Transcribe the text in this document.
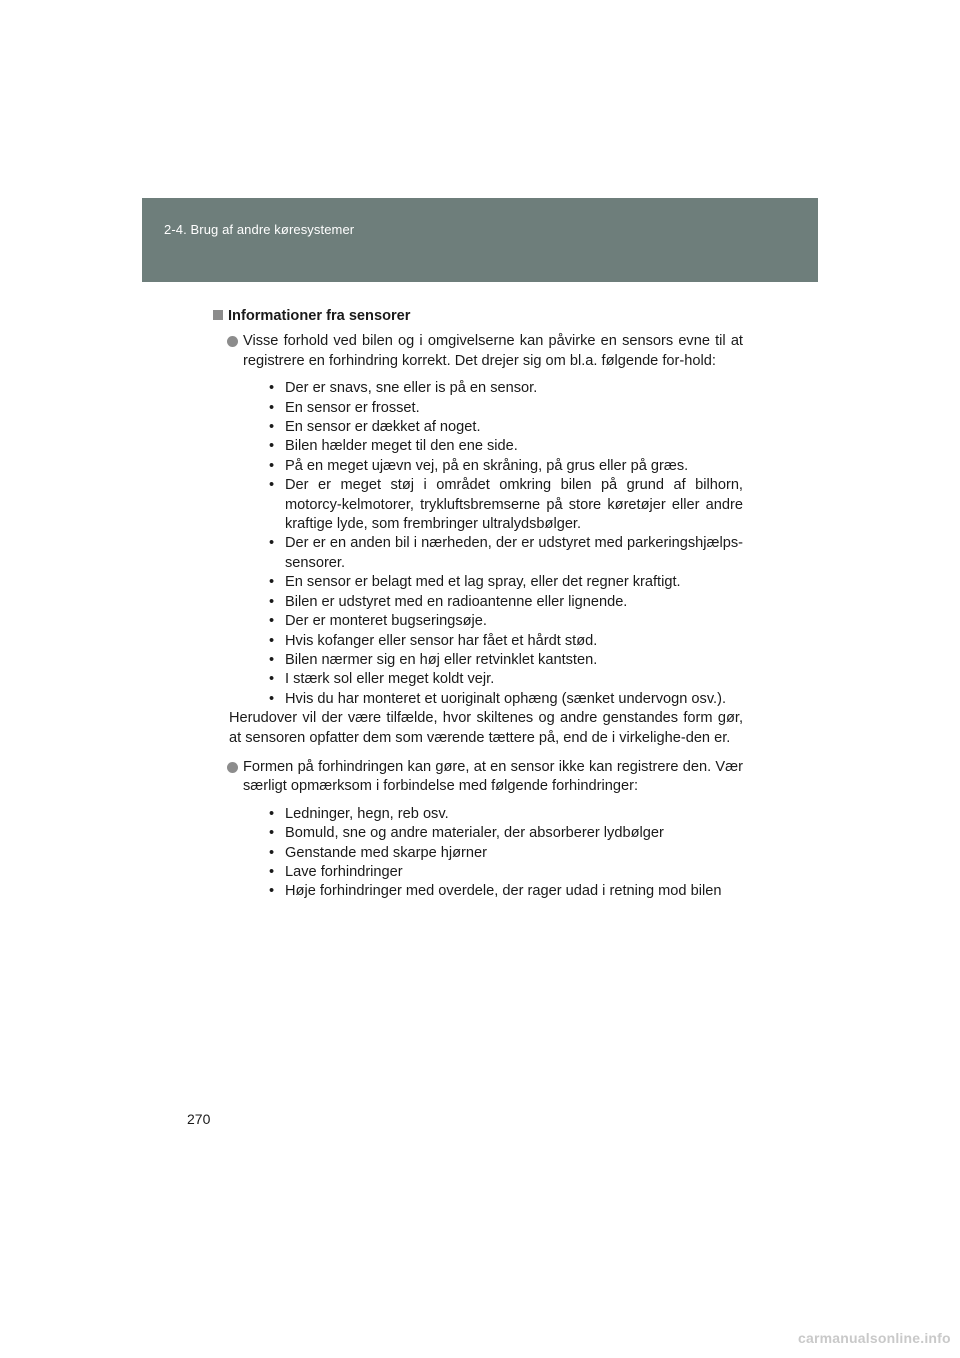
2-4. Brug af andre køresystemer
Informationer fra sensorer
Visse forhold ved bilen og i omgivelserne kan påvirke en sensors evne til at registrere en forhindring korrekt. Det drejer sig om bl.a. følgende for-hold:
• Der er snavs, sne eller is på en sensor.
• En sensor er frosset.
• En sensor er dækket af noget.
• Bilen hælder meget til den ene side.
• På en meget ujævn vej, på en skråning, på grus eller på græs.
• Der er meget støj i området omkring bilen på grund af bilhorn, motorcy-kelmotorer, trykluftsbremserne på store køretøjer eller andre kraftige lyde, som frembringer ultralydsbølger.
• Der er en anden bil i nærheden, der er udstyret med parkeringshjælps-sensorer.
• En sensor er belagt med et lag spray, eller det regner kraftigt.
• Bilen er udstyret med en radioantenne eller lignende.
• Der er monteret bugseringsøje.
• Hvis kofanger eller sensor har fået et hårdt stød.
• Bilen nærmer sig en høj eller retvinklet kantsten.
• I stærk sol eller meget koldt vejr.
• Hvis du har monteret et uoriginalt ophæng (sænket undervogn osv.).

Herudover vil der være tilfælde, hvor skiltenes og andre genstandes form gør, at sensoren opfatter dem som værende tættere på, end de i virkelighe-den er.

Formen på forhindringen kan gøre, at en sensor ikke kan registrere den. Vær særligt opmærksom i forbindelse med følgende forhindringer:
• Ledninger, hegn, reb osv.
• Bomuld, sne og andre materialer, der absorberer lydbølger
• Genstande med skarpe hjørner
• Lave forhindringer
• Høje forhindringer med overdele, der rager udad i retning mod bilen
270
carmanualsonline.info
